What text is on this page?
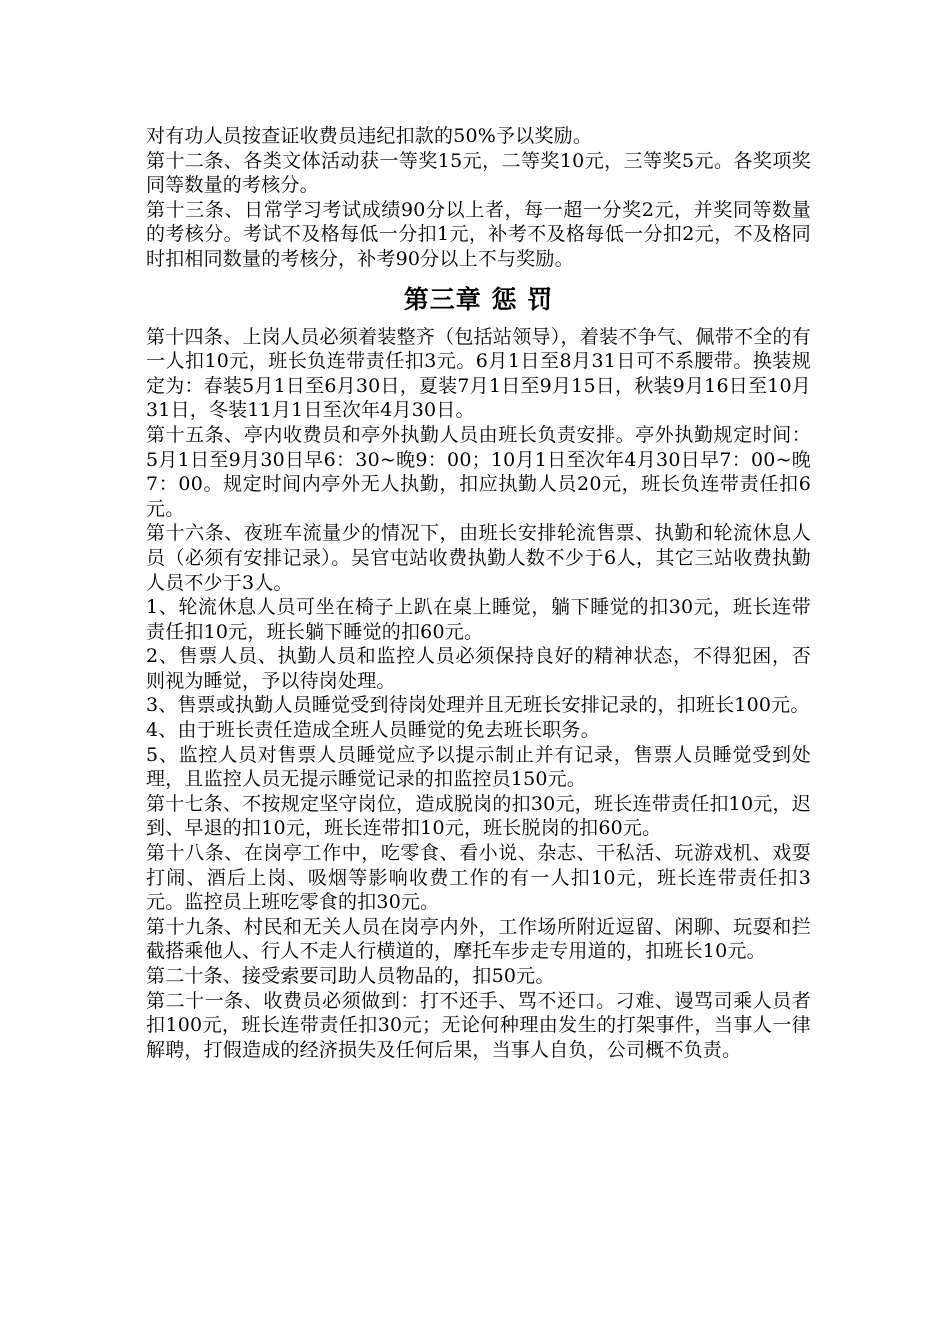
对有功人员按查证收费员违纪扣款的50%予以奖励。

第十二条、各类文体活动获一等奖15元，二等奖10元，三等奖5元。各奖项奖同等数量的考核分。

第十三条、日常学习考试成绩90分以上者，每一超一分奖2元，并奖同等数量的考核分。考试不及格每低一分扣1元，补考不及格每低一分扣2元，不及格同时扣相同数量的考核分，补考90分以上不与奖励。

第三章 惩 罚

第十四条、上岗人员必须着装整齐（包括站领导），着装不争气、佩带不全的有一人扣10元，班长负连带责任扣3元。6月1日至8月31日可不系腰带。换装规定为：春装5月1日至6月30日，夏装7月1日至9月15日，秋装9月16日至10月31日，冬装11月1日至次年4月30日。

第十五条、亭内收费员和亭外执勤人员由班长负责安排。亭外执勤规定时间：5月1日至9月30日早6：30~晚9：00；10月1日至次年4月30日早7：00~晚7：00。规定时间内亭外无人执勤，扣应执勤人员20元，班长负连带责任扣6元。

第十六条、夜班车流量少的情况下，由班长安排轮流售票、执勤和轮流休息人员（必须有安排记录）。吴官屯站收费执勤人数不少于6人，其它三站收费执勤人员不少于3人。

1、轮流休息人员可坐在椅子上趴在桌上睡觉，躺下睡觉的扣30元，班长连带责任扣10元，班长躺下睡觉的扣60元。

2、售票人员、执勤人员和监控人员必须保持良好的精神状态，不得犯困，否则视为睡觉，予以待岗处理。

3、售票或执勤人员睡觉受到待岗处理并且无班长安排记录的，扣班长100元。

4、由于班长责任造成全班人员睡觉的免去班长职务。

5、监控人员对售票人员睡觉应予以提示制止并有记录，售票人员睡觉受到处理，且监控人员无提示睡觉记录的扣监控员150元。

第十七条、不按规定坚守岗位，造成脱岗的扣30元，班长连带责任扣10元，迟到、早退的扣10元，班长连带扣10元，班长脱岗的扣60元。

第十八条、在岗亭工作中，吃零食、看小说、杂志、干私活、玩游戏机、戏耍打闹、酒后上岗、吸烟等影响收费工作的有一人扣10元，班长连带责任扣3元。监控员上班吃零食的扣30元。

第十九条、村民和无关人员在岗亭内外，工作场所附近逗留、闲聊、玩耍和拦截搭乘他人、行人不走人行横道的，摩托车步走专用道的，扣班长10元。

第二十条、接受索要司助人员物品的，扣50元。

第二十一条、收费员必须做到：打不还手、骂不还口。刁难、谩骂司乘人员者扣100元，班长连带责任扣30元；无论何种理由发生的打架事件，当事人一律解聘，打假造成的经济损失及任何后果，当事人自负，公司概不负责。
